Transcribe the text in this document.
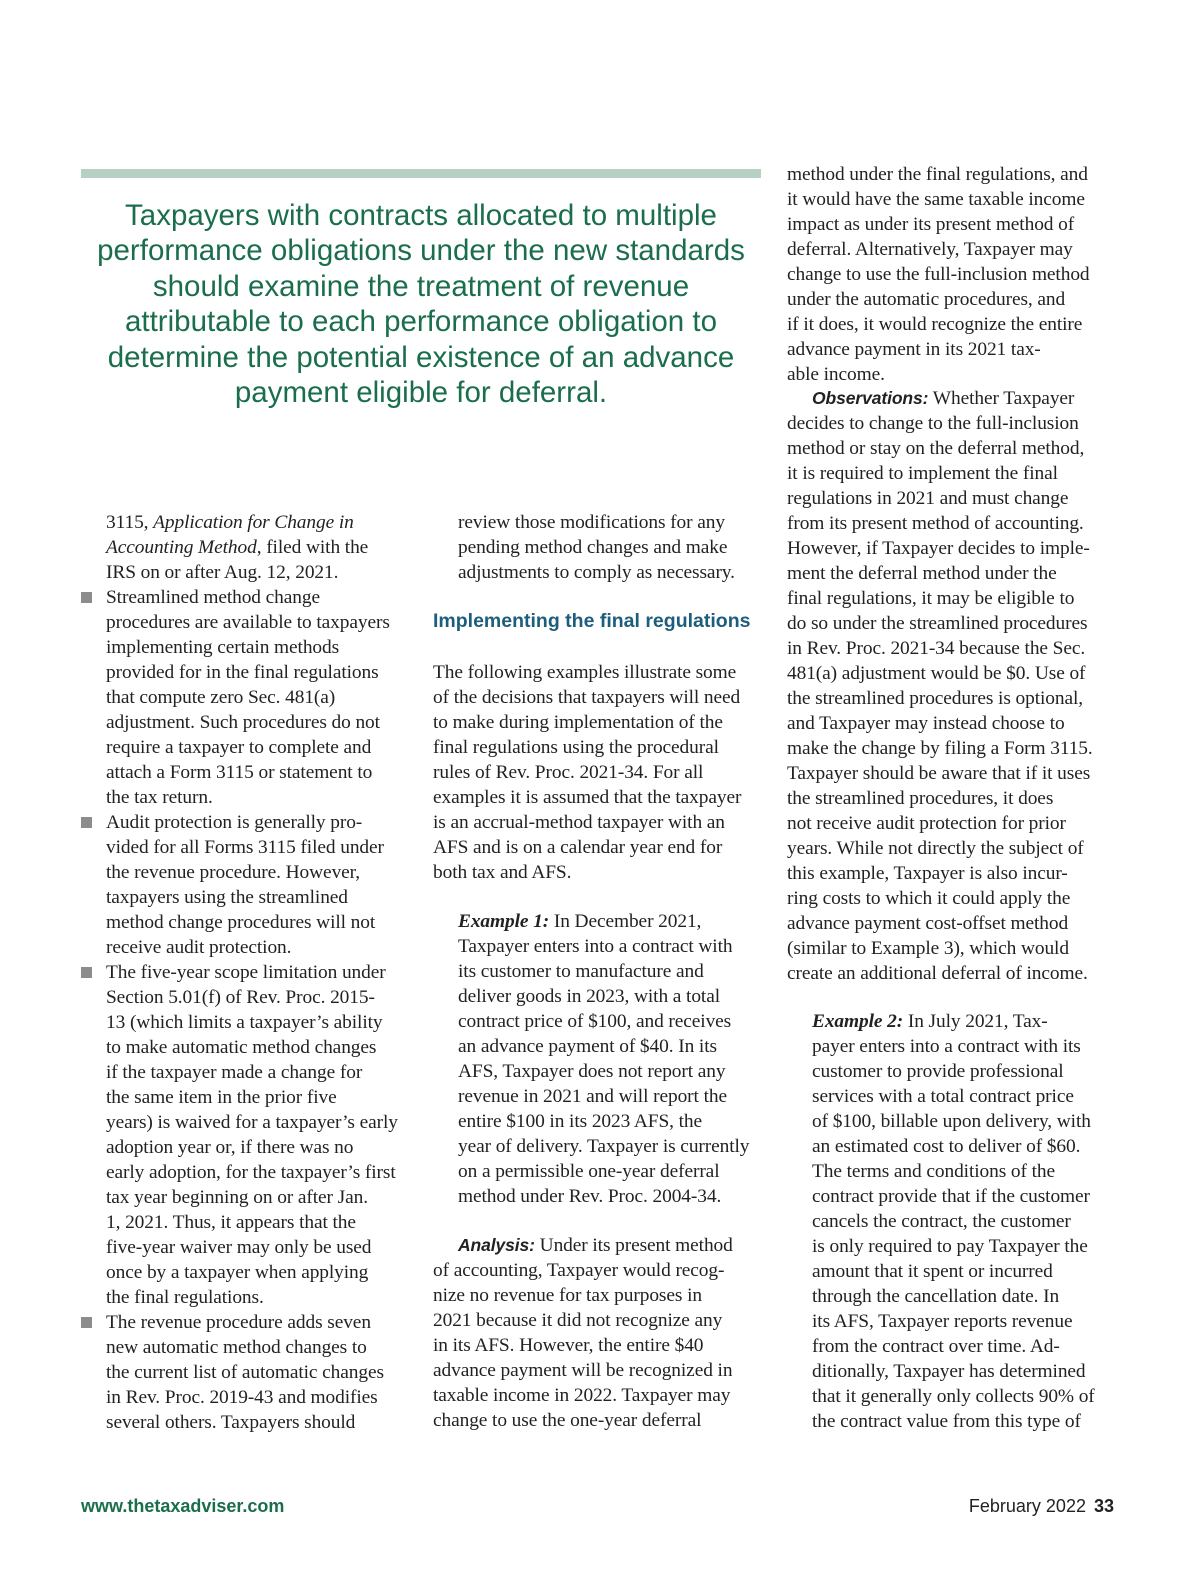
Taxpayers with contracts allocated to multiple performance obligations under the new standards should examine the treatment of revenue attributable to each performance obligation to determine the potential existence of an advance payment eligible for deferral.

3115, Application for Change in
Accounting Method, filed with the
IRS on or after Aug. 12, 2021.
Streamlined method change
procedures are available to taxpayers
implementing certain methods
provided for in the final regulations
that compute zero Sec. 481(a)
adjustment. Such procedures do not
require a taxpayer to complete and
attach a Form 3115 or statement to
the tax return.
Audit protection is generally pro-
vided for all Forms 3115 filed under
the revenue procedure. However,
taxpayers using the streamlined
method change procedures will not
receive audit protection.
The five-year scope limitation under
Section 5.01(f) of Rev. Proc. 2015-
13 (which limits a taxpayer’s ability
to make automatic method changes
if the taxpayer made a change for
the same item in the prior five
years) is waived for a taxpayer’s early
adoption year or, if there was no
early adoption, for the taxpayer’s first
tax year beginning on or after Jan.
1, 2021. Thus, it appears that the
five-year waiver may only be used
once by a taxpayer when applying
the final regulations.
The revenue procedure adds seven
new automatic method changes to
the current list of automatic changes
in Rev. Proc. 2019-43 and modifies
several others. Taxpayers should
review those modifications for any
pending method changes and make
adjustments to comply as necessary.
Implementing the final regulations
The following examples illustrate some
of the decisions that taxpayers will need
to make during implementation of the
final regulations using the procedural
rules of Rev. Proc. 2021-34. For all
examples it is assumed that the taxpayer
is an accrual-method taxpayer with an
AFS and is on a calendar year end for
both tax and AFS.
Example 1: In December 2021,
Taxpayer enters into a contract with
its customer to manufacture and
deliver goods in 2023, with a total
contract price of $100, and receives
an advance payment of $40. In its
AFS, Taxpayer does not report any
revenue in 2021 and will report the
entire $100 in its 2023 AFS, the
year of delivery. Taxpayer is currently
on a permissible one-year deferral
method under Rev. Proc. 2004-34.
Analysis: Under its present method
of accounting, Taxpayer would recog-
nize no revenue for tax purposes in
2021 because it did not recognize any
in its AFS. However, the entire $40
advance payment will be recognized in
taxable income in 2022. Taxpayer may
change to use the one-year deferral
method under the final regulations, and
it would have the same taxable income
impact as under its present method of
deferral. Alternatively, Taxpayer may
change to use the full-inclusion method
under the automatic procedures, and
if it does, it would recognize the entire
advance payment in its 2021 tax-
able income.
Observations: Whether Taxpayer
decides to change to the full-inclusion
method or stay on the deferral method,
it is required to implement the final
regulations in 2021 and must change
from its present method of accounting.
However, if Taxpayer decides to imple-
ment the deferral method under the
final regulations, it may be eligible to
do so under the streamlined procedures
in Rev. Proc. 2021-34 because the Sec.
481(a) adjustment would be $0. Use of
the streamlined procedures is optional,
and Taxpayer may instead choose to
make the change by filing a Form 3115.
Taxpayer should be aware that if it uses
the streamlined procedures, it does
not receive audit protection for prior
years. While not directly the subject of
this example, Taxpayer is also incur-
ring costs to which it could apply the
advance payment cost-offset method
(similar to Example 3), which would
create an additional deferral of income.
Example 2: In July 2021, Tax-
payer enters into a contract with its
customer to provide professional
services with a total contract price
of $100, billable upon delivery, with
an estimated cost to deliver of $60.
The terms and conditions of the
contract provide that if the customer
cancels the contract, the customer
is only required to pay Taxpayer the
amount that it spent or incurred
through the cancellation date. In
its AFS, Taxpayer reports revenue
from the contract over time. Ad-
ditionally, Taxpayer has determined
that it generally only collects 90% of
the contract value from this type of
www.thetaxadviser.com	February 2022 33
